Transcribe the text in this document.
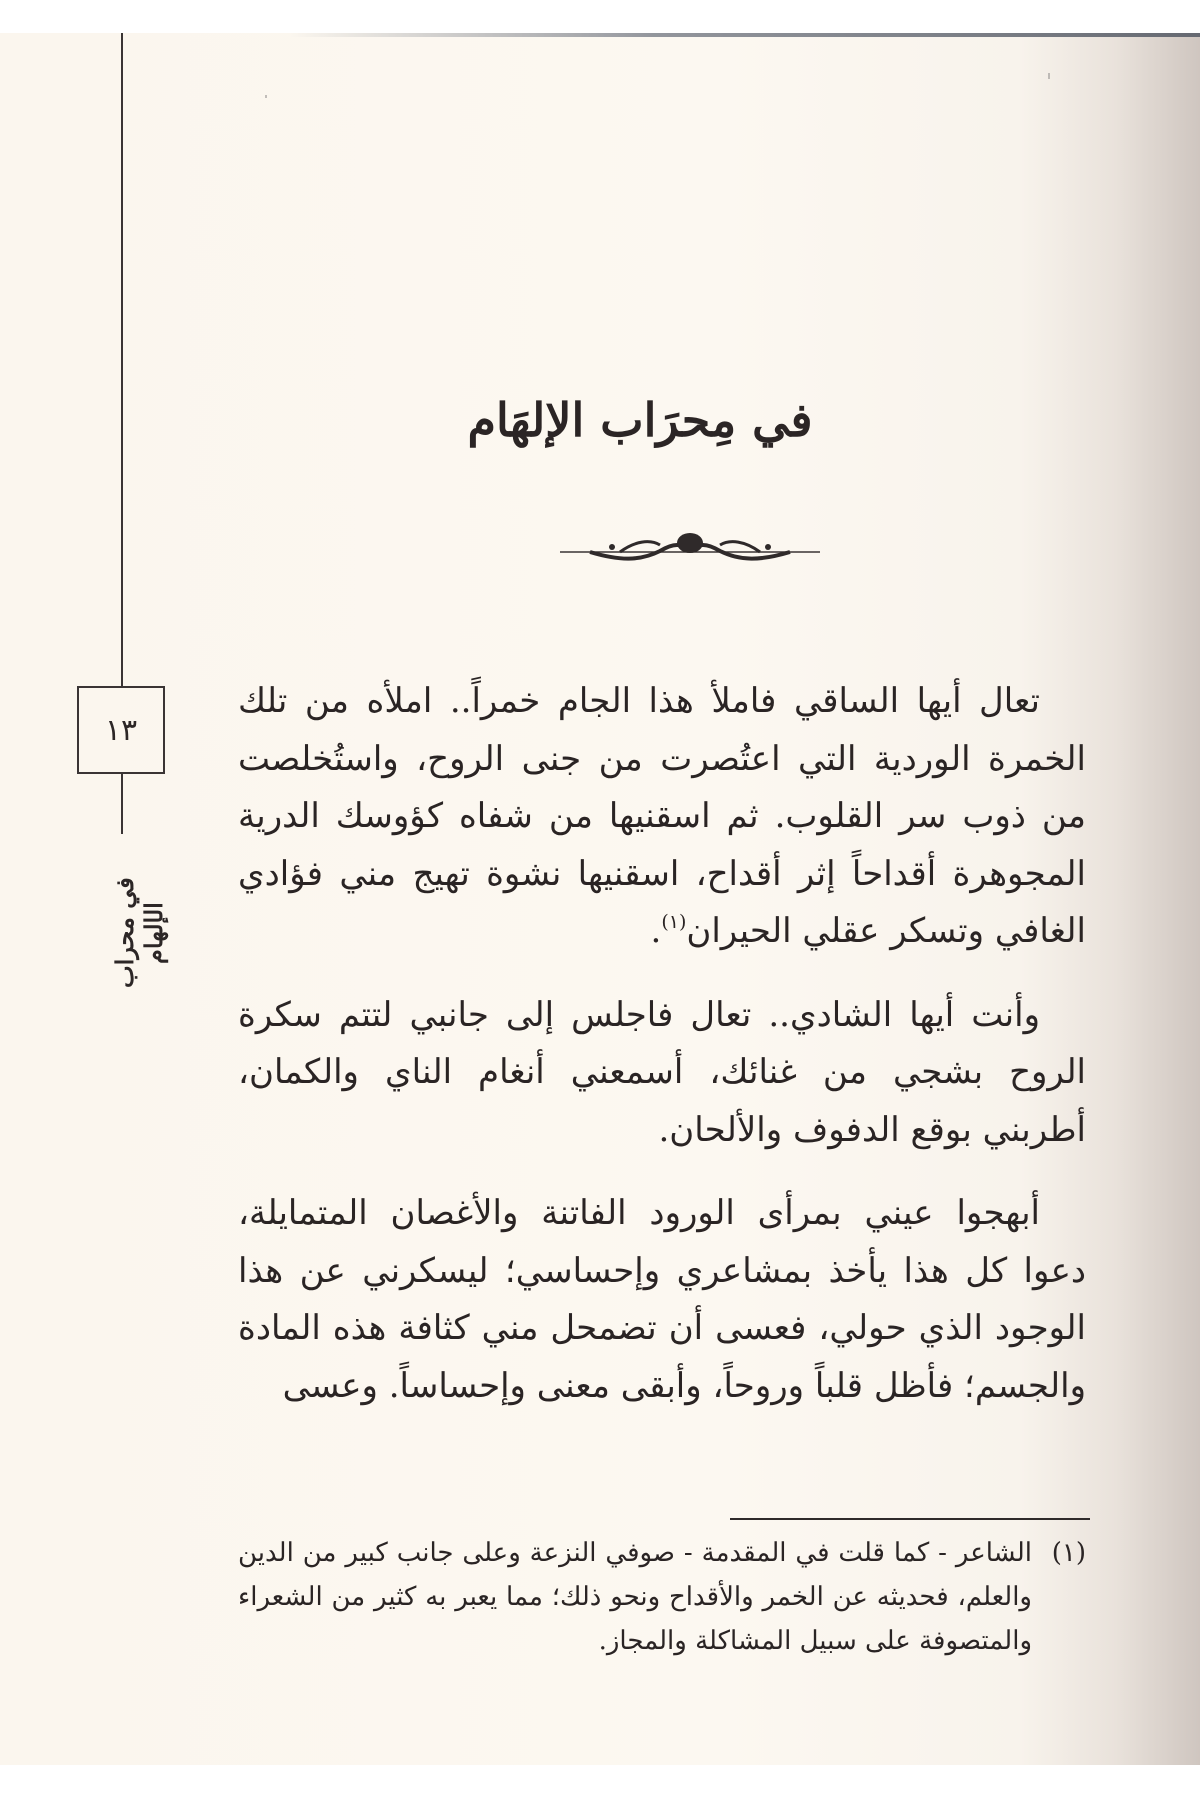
١٣
في محراب الإلهام
في مِحرَاب الإلهَام

تعال أيها الساقي فاملأ هذا الجام خمراً.. املأه من تلك الخمرة الوردية التي اعتُصرت من جنى الروح، واستُخلصت من ذوب سر القلوب. ثم اسقنيها من شفاه كؤوسك الدرية المجوهرة أقداحاً إثر أقداح، اسقنيها نشوة تهيج مني فؤادي الغافي وتسكر عقلي الحيران$^{(١)}$.

وأنت أيها الشادي.. تعال فاجلس إلى جانبي لتتم سكرة الروح بشجي من غنائك، أسمعني أنغام الناي والكمان، أطربني بوقع الدفوف والألحان.

أبهجوا عيني بمرأى الورود الفاتنة والأغصان المتمايلة، دعوا كل هذا يأخذ بمشاعري وإحساسي؛ ليسكرني عن هذا الوجود الذي حولي، فعسى أن تضمحل مني كثافة هذه المادة والجسم؛ فأظل قلباً وروحاً، وأبقى معنى وإحساساً. وعسى

(١)
الشاعر - كما قلت في المقدمة - صوفي النزعة وعلى جانب كبير من الدين والعلم، فحديثه عن الخمر والأقداح ونحو ذلك؛ مما يعبر به كثير من الشعراء والمتصوفة على سبيل المشاكلة والمجاز.
